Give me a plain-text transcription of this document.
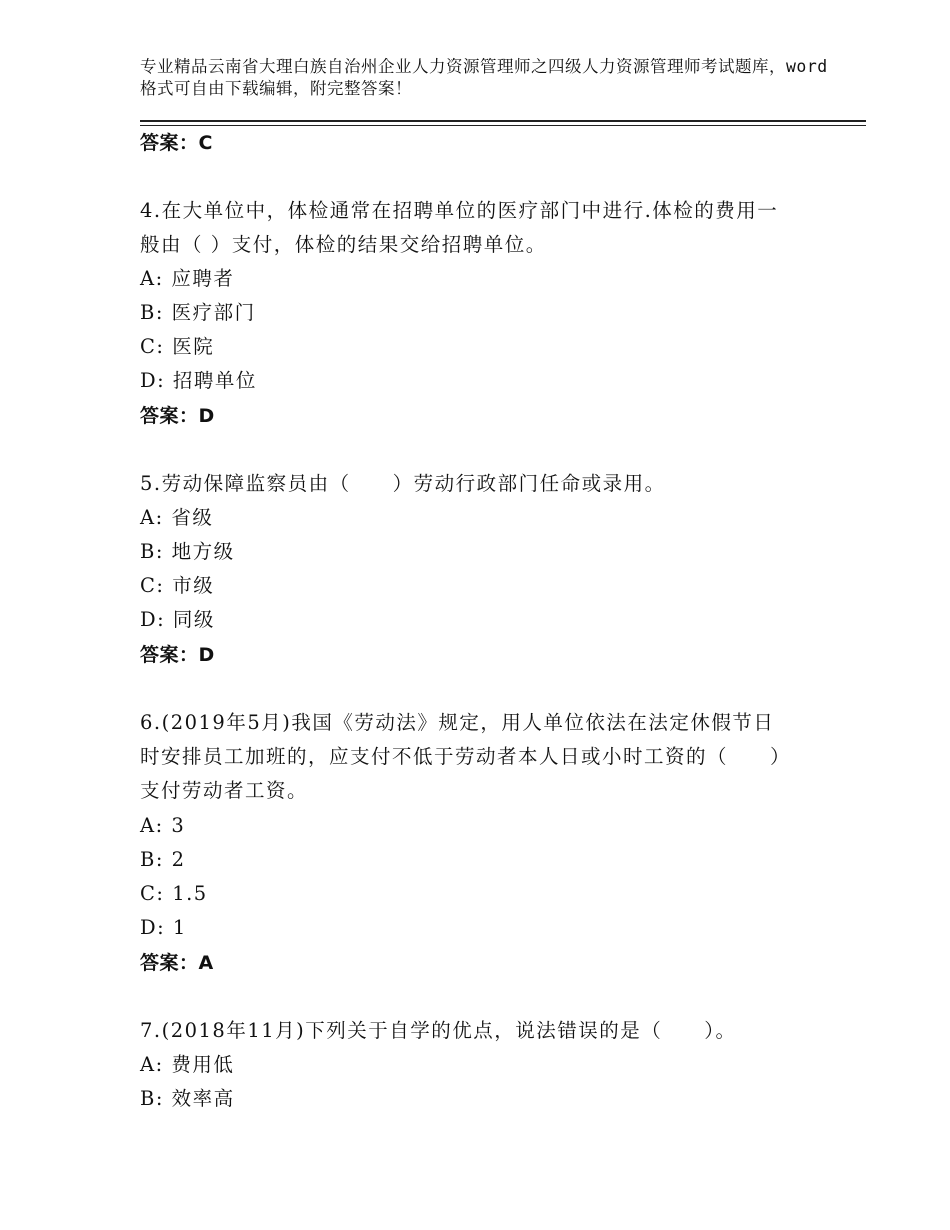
专业精品云南省大理白族自治州企业人力资源管理师之四级人力资源管理师考试题库，word格式可自由下载编辑，附完整答案！
答案：C
4.在大单位中，体检通常在招聘单位的医疗部门中进行.体检的费用一
般由（ ）支付，体检的结果交给招聘单位。
A: 应聘者
B: 医疗部门
C: 医院
D: 招聘单位
答案：D
5.劳动保障监察员由（　　）劳动行政部门任命或录用。
A: 省级
B: 地方级
C: 市级
D: 同级
答案：D
6.(2019年5月)我国《劳动法》规定，用人单位依法在法定休假节日
时安排员工加班的，应支付不低于劳动者本人日或小时工资的（　　）
支付劳动者工资。
A: 3
B: 2
C: 1.5
D: 1
答案：A
7.(2018年11月)下列关于自学的优点，说法错误的是（　　）。
A: 费用低
B: 效率高
